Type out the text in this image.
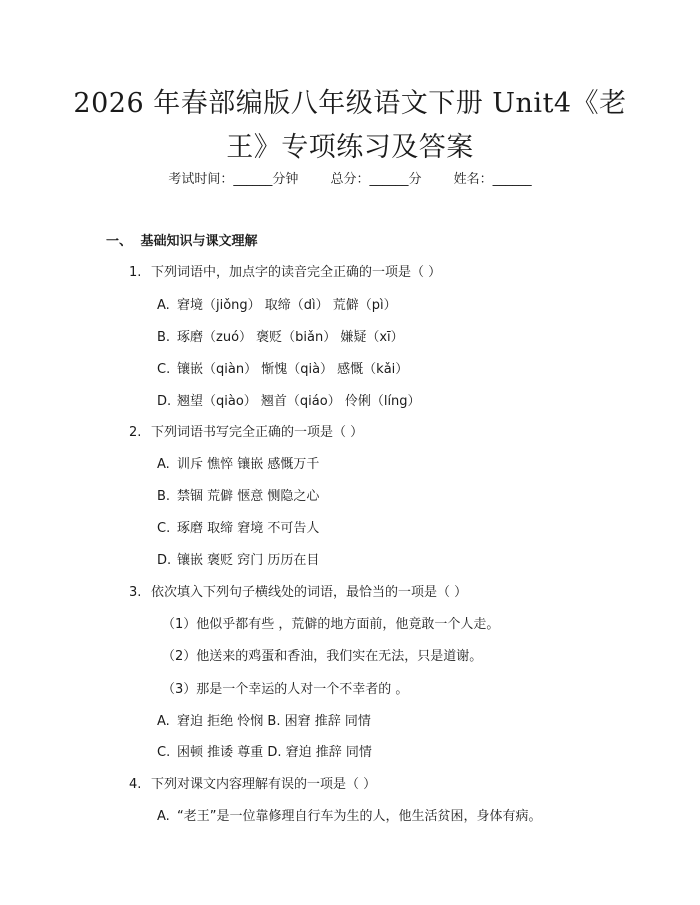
2026 年春部编版八年级语文下册 Unit4《老
王》专项练习及答案
考试时间：______分钟 总分：______分 姓名：______
一、 基础知识与课文理解
1. 下列词语中，加点字的读音完全正确的一项是（ ）
A. 窘境（jiǒng） 取缔（dì） 荒僻（pì）
B. 琢磨（zuó） 褒贬（biǎn） 嫌疑（xī）
C. 镶嵌（qiàn） 惭愧（qià） 感慨（kǎi）
D. 翘望（qiào） 翘首（qiáo） 伶俐（líng）
2. 下列词语书写完全正确的一项是（ ）
A. 训斥 憔悴 镶嵌 感慨万千
B. 禁锢 荒僻 惬意 恻隐之心
C. 琢磨 取缔 窘境 不可告人
D. 镶嵌 褒贬 窍门 历历在目
3. 依次填入下列句子横线处的词语，最恰当的一项是（ ）
（1）他似乎都有些 ，荒僻的地方面前，他竟敢一个人走。
（2）他送来的鸡蛋和香油，我们实在无法，只是道谢。
（3）那是一个幸运的人对一个不幸者的 。
A. 窘迫 拒绝 怜悯 B. 困窘 推辞 同情
C. 困顿 推诿 尊重 D. 窘迫 推辞 同情
4. 下列对课文内容理解有误的一项是（ ）
A. “老王”是一位靠修理自行车为生的人，他生活贫困，身体有病。
